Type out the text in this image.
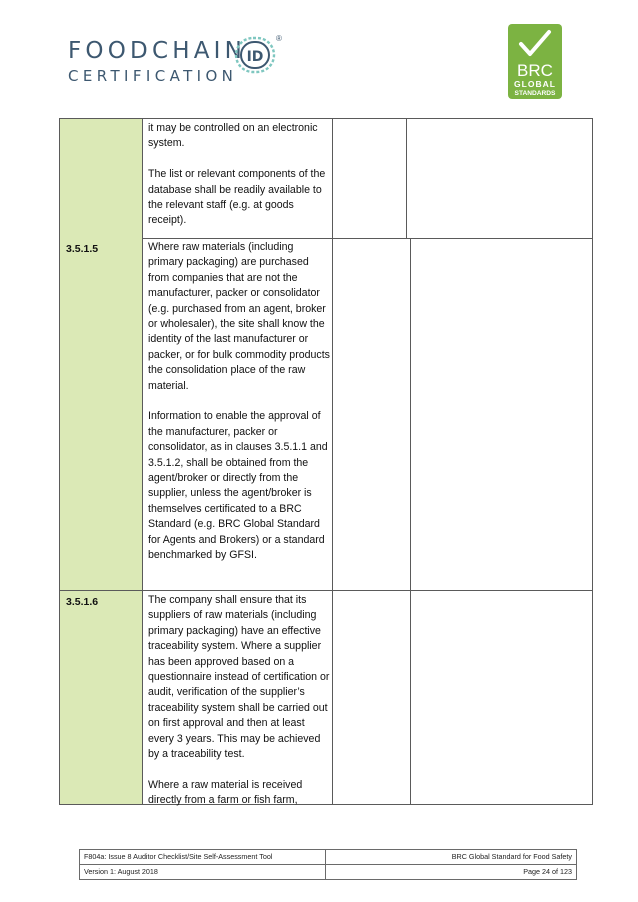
FOODCHAIN
CERTIFICATION
ID
®
BRC
GLOBAL
STANDARDS

it may be controlled on an electronic system.

The list or relevant components of the database shall be readily available to the relevant staff (e.g. at goods receipt).

3.5.1.5	Where raw materials (including primary packaging) are purchased from companies that are not the manufacturer, packer or consolidator (e.g. purchased from an agent, broker or wholesaler), the site shall know the identity of the last manufacturer or packer, or for bulk commodity products the consolidation place of the raw material.

Information to enable the approval of the manufacturer, packer or consolidator, as in clauses 3.5.1.1 and 3.5.1.2, shall be obtained from the agent/broker or directly from the supplier, unless the agent/broker is themselves certificated to a BRC Standard (e.g. BRC Global Standard for Agents and Brokers) or a standard benchmarked by GFSI.

3.5.1.6	The company shall ensure that its suppliers of raw materials (including primary packaging) have an effective traceability system. Where a supplier has been approved based on a questionnaire instead of certification or audit, verification of the supplier’s traceability system shall be carried out on first approval and then at least every 3 years. This may be achieved by a traceability test.

Where a raw material is received directly from a farm or fish farm,

F804a: Issue 8 Auditor Checklist/Site Self-Assessment Tool	BRC Global Standard for Food Safety
Version 1: August 2018	Page 24 of 123
